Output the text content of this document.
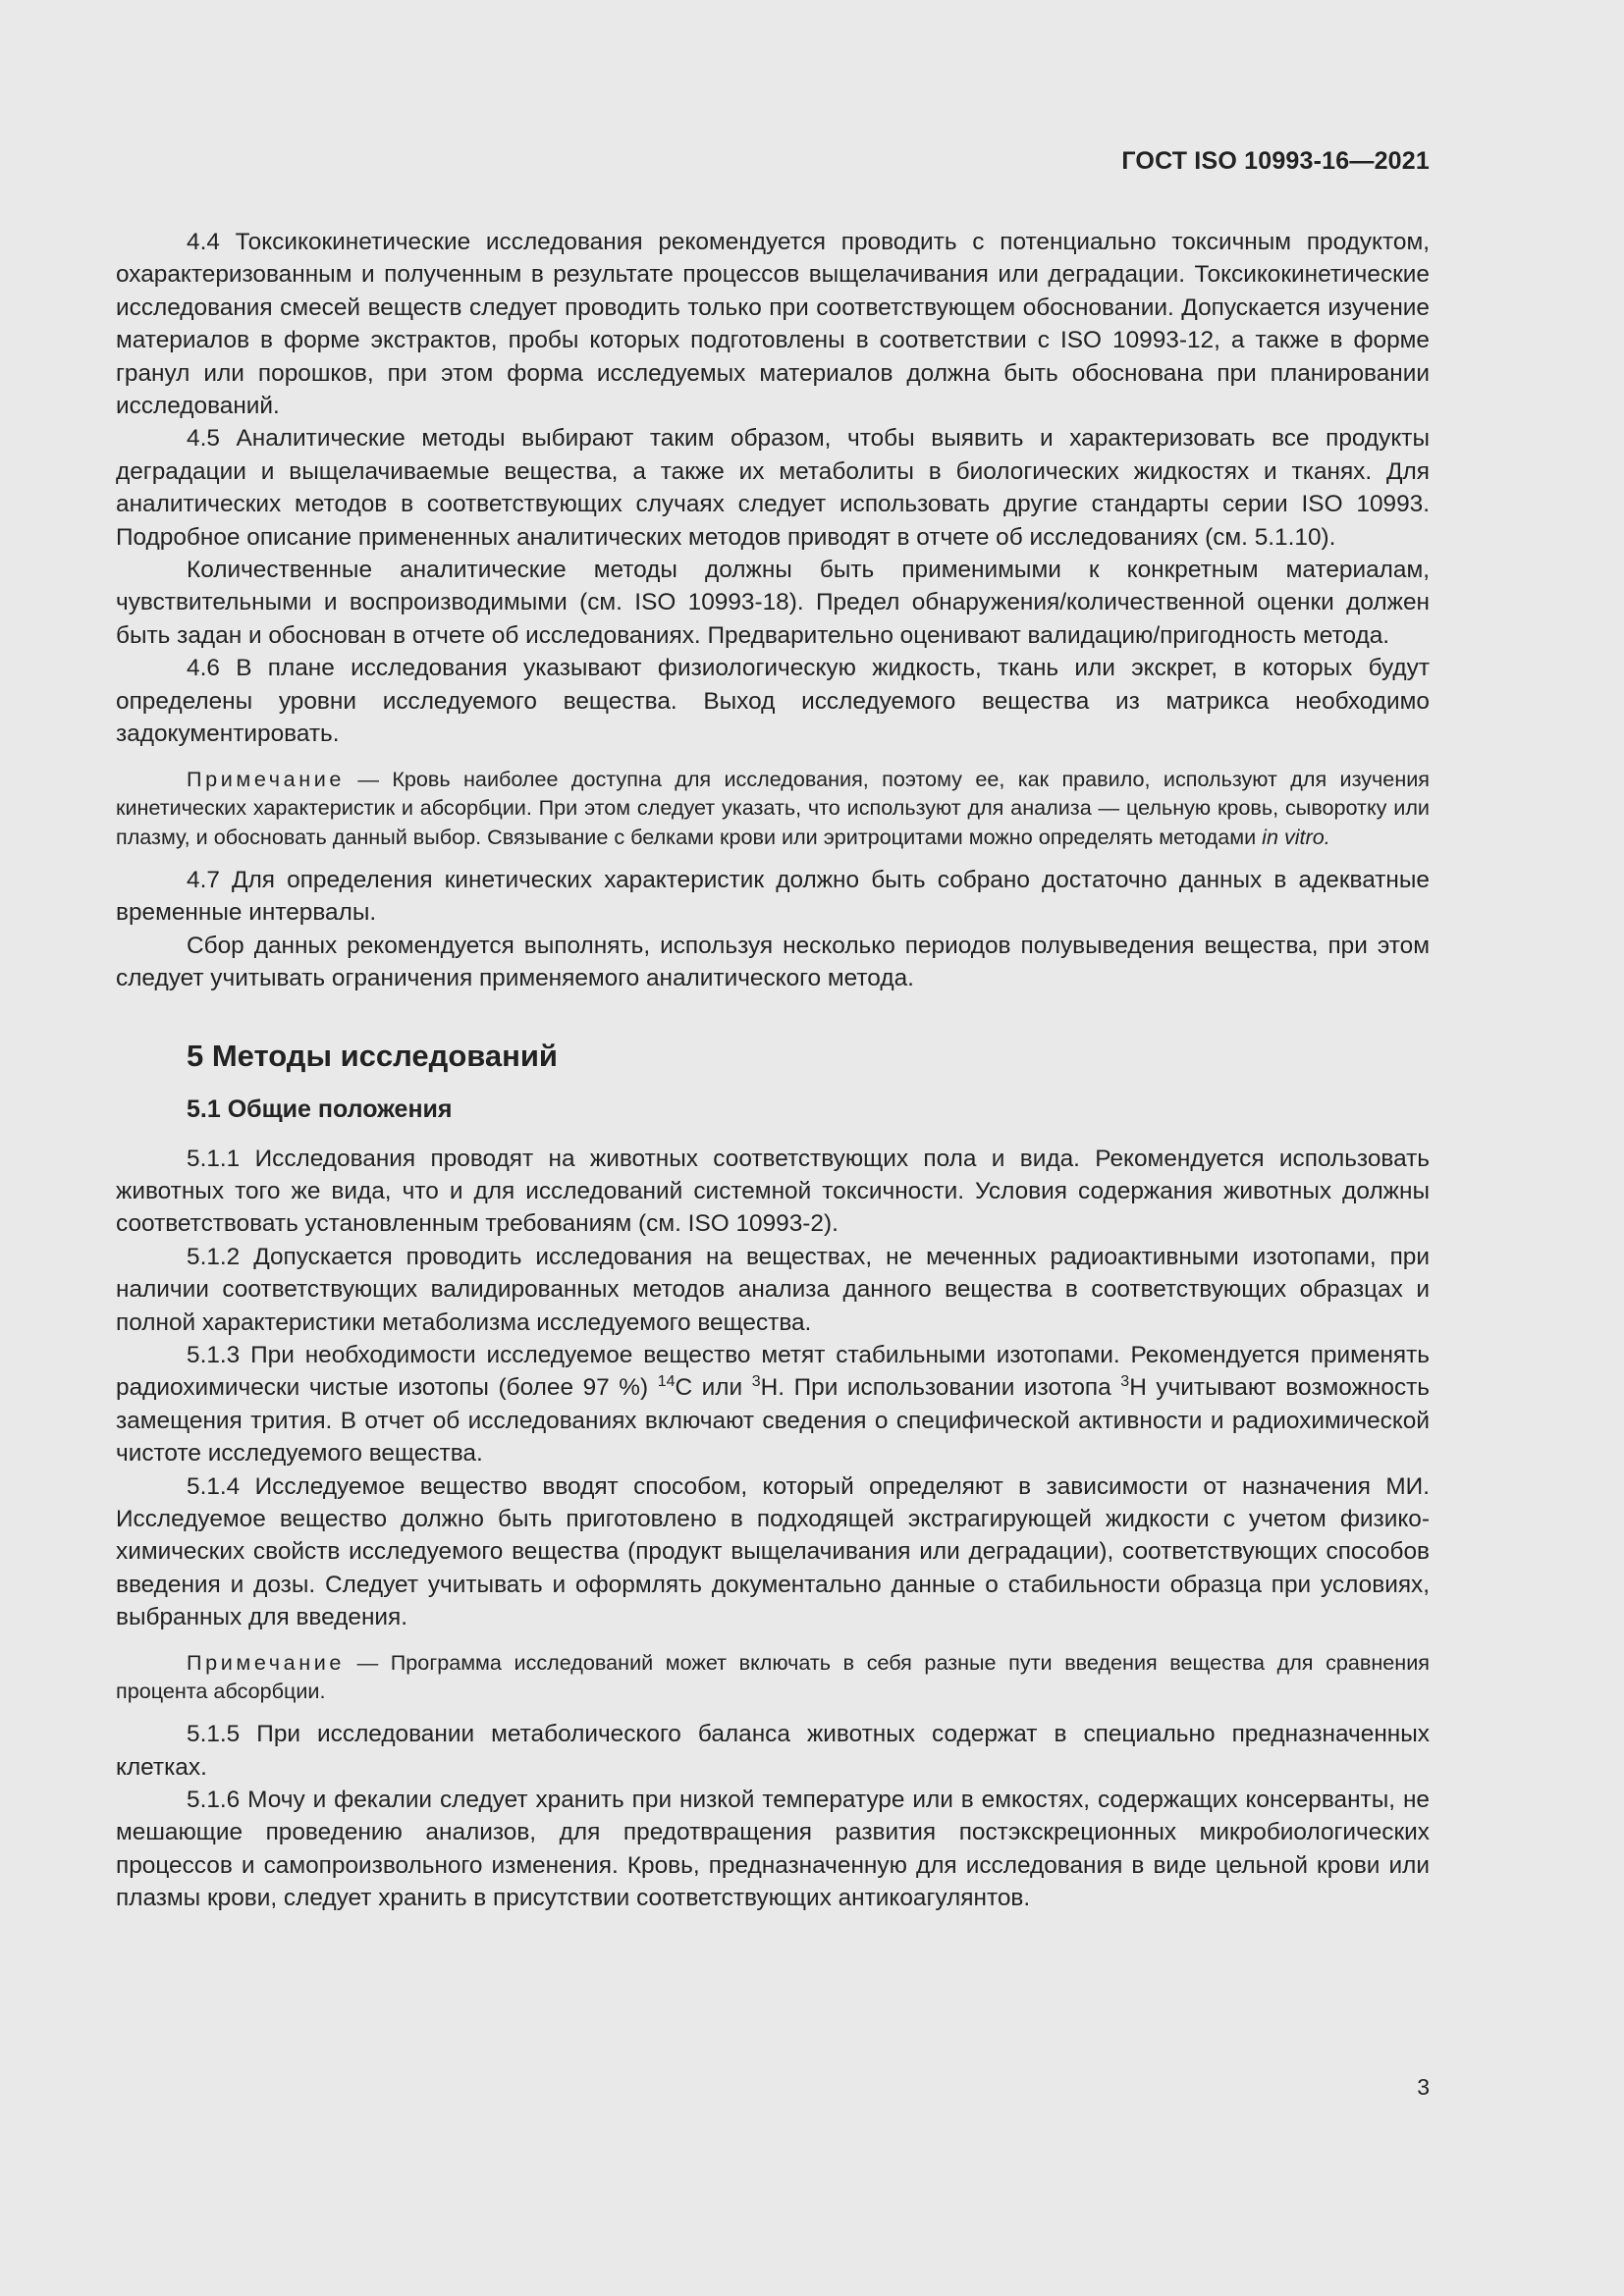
ГОСТ ISO 10993-16—2021

4.4 Токсикокинетические исследования рекомендуется проводить с потенциально токсичным продуктом, охарактеризованным и полученным в результате процессов выщелачивания или деградации. Токсикокинетические исследования смесей веществ следует проводить только при соответствующем обосновании. Допускается изучение материалов в форме экстрактов, пробы которых подготовлены в соответствии с ISO 10993-12, а также в форме гранул или порошков, при этом форма исследуемых материалов должна быть обоснована при планировании исследований.

4.5 Аналитические методы выбирают таким образом, чтобы выявить и характеризовать все продукты деградации и выщелачиваемые вещества, а также их метаболиты в биологических жидкостях и тканях. Для аналитических методов в соответствующих случаях следует использовать другие стандарты серии ISO 10993. Подробное описание примененных аналитических методов приводят в отчете об исследованиях (см. 5.1.10).

Количественные аналитические методы должны быть применимыми к конкретным материалам, чувствительными и воспроизводимыми (см. ISO 10993-18). Предел обнаружения/количественной оценки должен быть задан и обоснован в отчете об исследованиях. Предварительно оценивают валидацию/пригодность метода.

4.6 В плане исследования указывают физиологическую жидкость, ткань или экскрет, в которых будут определены уровни исследуемого вещества. Выход исследуемого вещества из матрикса необходимо задокументировать.

Примечание — Кровь наиболее доступна для исследования, поэтому ее, как правило, используют для изучения кинетических характеристик и абсорбции. При этом следует указать, что используют для анализа — цельную кровь, сыворотку или плазму, и обосновать данный выбор. Связывание с белками крови или эритроцитами можно определять методами in vitro.

4.7 Для определения кинетических характеристик должно быть собрано достаточно данных в адекватные временные интервалы.

Сбор данных рекомендуется выполнять, используя несколько периодов полувыведения вещества, при этом следует учитывать ограничения применяемого аналитического метода.

5 Методы исследований
5.1 Общие положения

5.1.1 Исследования проводят на животных соответствующих пола и вида. Рекомендуется использовать животных того же вида, что и для исследований системной токсичности. Условия содержания животных должны соответствовать установленным требованиям (см. ISO 10993-2).

5.1.2 Допускается проводить исследования на веществах, не меченных радиоактивными изотопами, при наличии соответствующих валидированных методов анализа данного вещества в соответствующих образцах и полной характеристики метаболизма исследуемого вещества.

5.1.3 При необходимости исследуемое вещество метят стабильными изотопами. Рекомендуется применять радиохимически чистые изотопы (более 97 %) $^{14}$С или $^3$Н. При использовании изотопа $^3$Н учитывают возможность замещения трития. В отчет об исследованиях включают сведения о специфической активности и радиохимической чистоте исследуемого вещества.

5.1.4 Исследуемое вещество вводят способом, который определяют в зависимости от назначения МИ. Исследуемое вещество должно быть приготовлено в подходящей экстрагирующей жидкости с учетом физико-химических свойств исследуемого вещества (продукт выщелачивания или деградации), соответствующих способов введения и дозы. Следует учитывать и оформлять документально данные о стабильности образца при условиях, выбранных для введения.

Примечание — Программа исследований может включать в себя разные пути введения вещества для сравнения процента абсорбции.

5.1.5 При исследовании метаболического баланса животных содержат в специально предназначенных клетках.

5.1.6 Мочу и фекалии следует хранить при низкой температуре или в емкостях, содержащих консерванты, не мешающие проведению анализов, для предотвращения развития постэкскреционных микробиологических процессов и самопроизвольного изменения. Кровь, предназначенную для исследования в виде цельной крови или плазмы крови, следует хранить в присутствии соответствующих антикоагулянтов.

3
